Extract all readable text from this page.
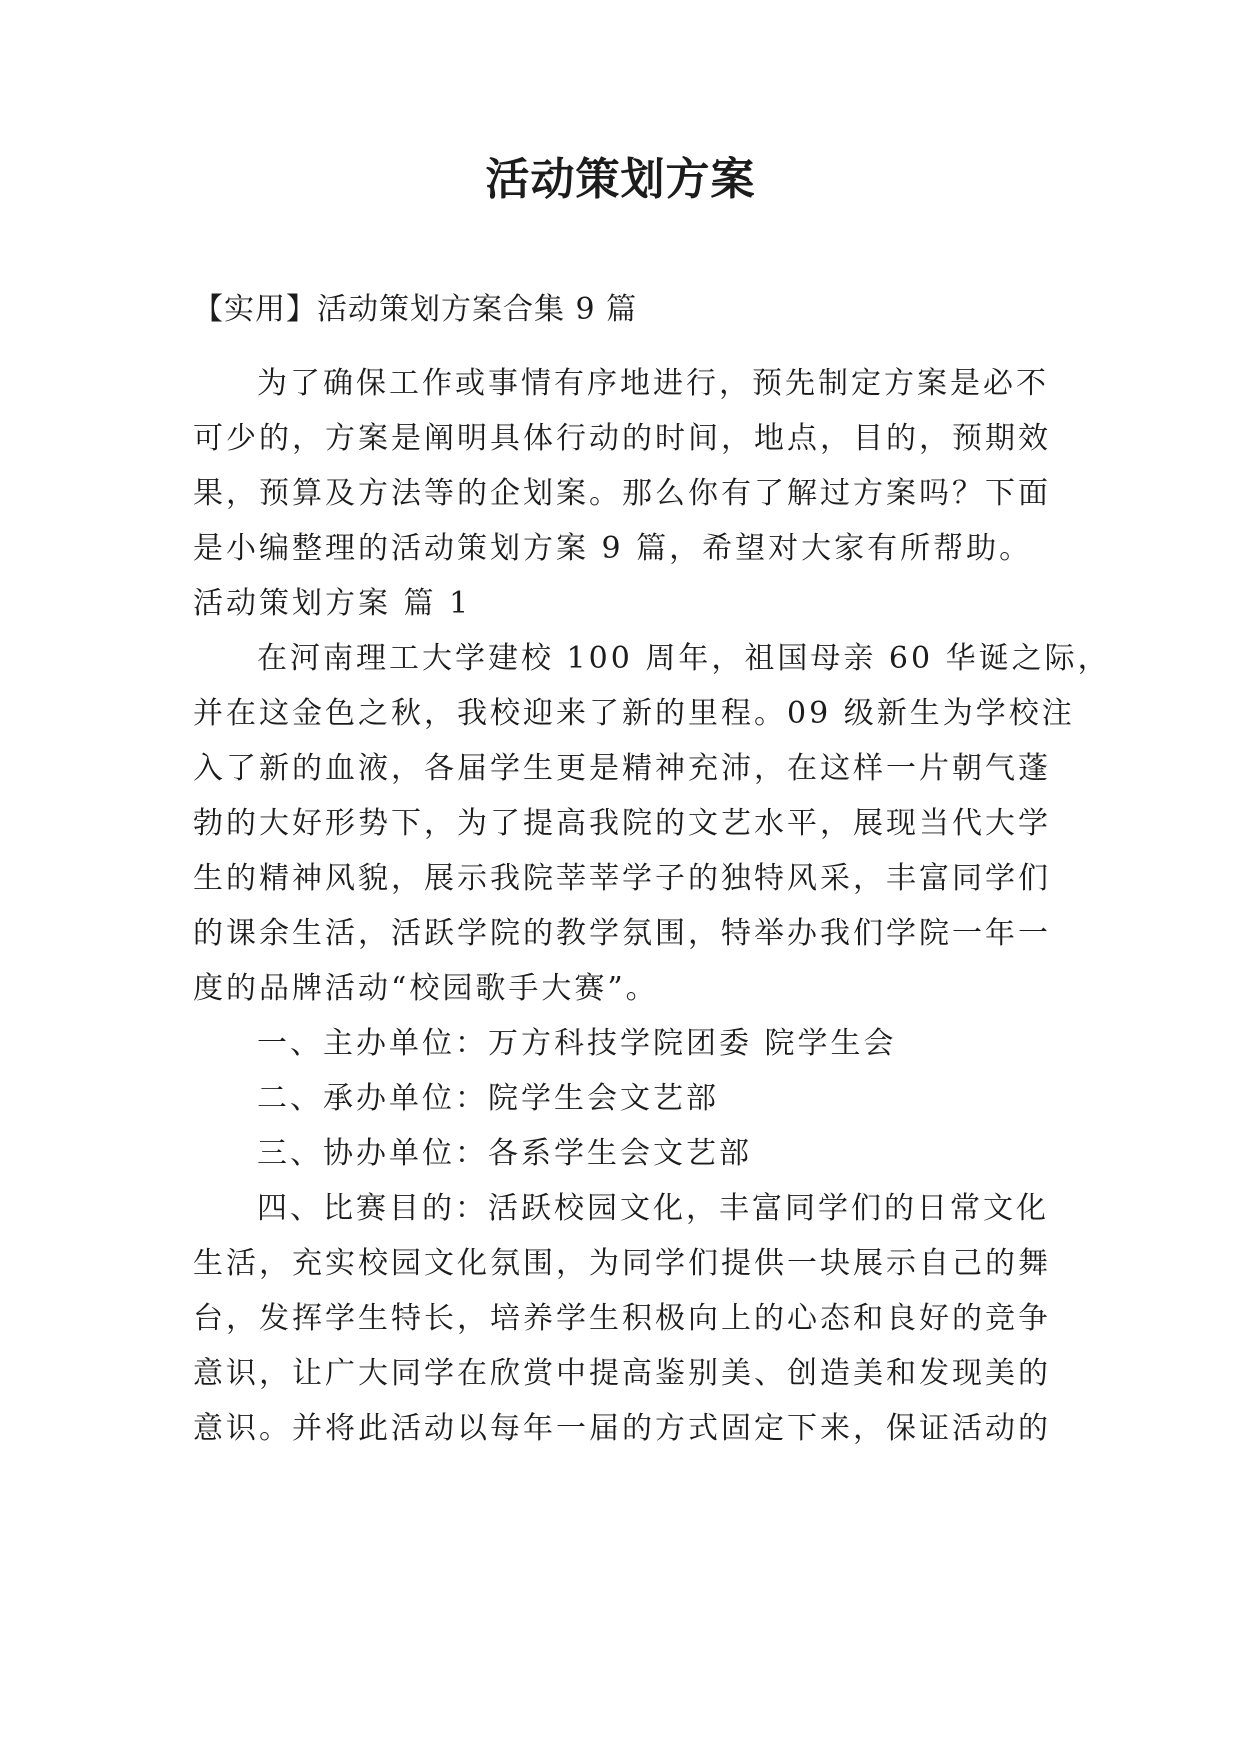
活动策划方案
【实用】活动策划方案合集 9 篇
为了确保工作或事情有序地进行，预先制定方案是必不
可少的，方案是阐明具体行动的时间，地点，目的，预期效
果，预算及方法等的企划案。那么你有了解过方案吗？下面
是小编整理的活动策划方案 9 篇，希望对大家有所帮助。
活动策划方案 篇 1
在河南理工大学建校 100 周年，祖国母亲 60 华诞之际，
并在这金色之秋，我校迎来了新的里程。09 级新生为学校注
入了新的血液，各届学生更是精神充沛，在这样一片朝气蓬
勃的大好形势下，为了提高我院的文艺水平，展现当代大学
生的精神风貌，展示我院莘莘学子的独特风采，丰富同学们
的课余生活，活跃学院的教学氛围，特举办我们学院一年一
度的品牌活动“校园歌手大赛”。
一、主办单位：万方科技学院团委 院学生会
二、承办单位：院学生会文艺部
三、协办单位：各系学生会文艺部
四、比赛目的：活跃校园文化，丰富同学们的日常文化
生活，充实校园文化氛围，为同学们提供一块展示自己的舞
台，发挥学生特长，培养学生积极向上的心态和良好的竞争
意识，让广大同学在欣赏中提高鉴别美、创造美和发现美的
意识。并将此活动以每年一届的方式固定下来，保证活动的
